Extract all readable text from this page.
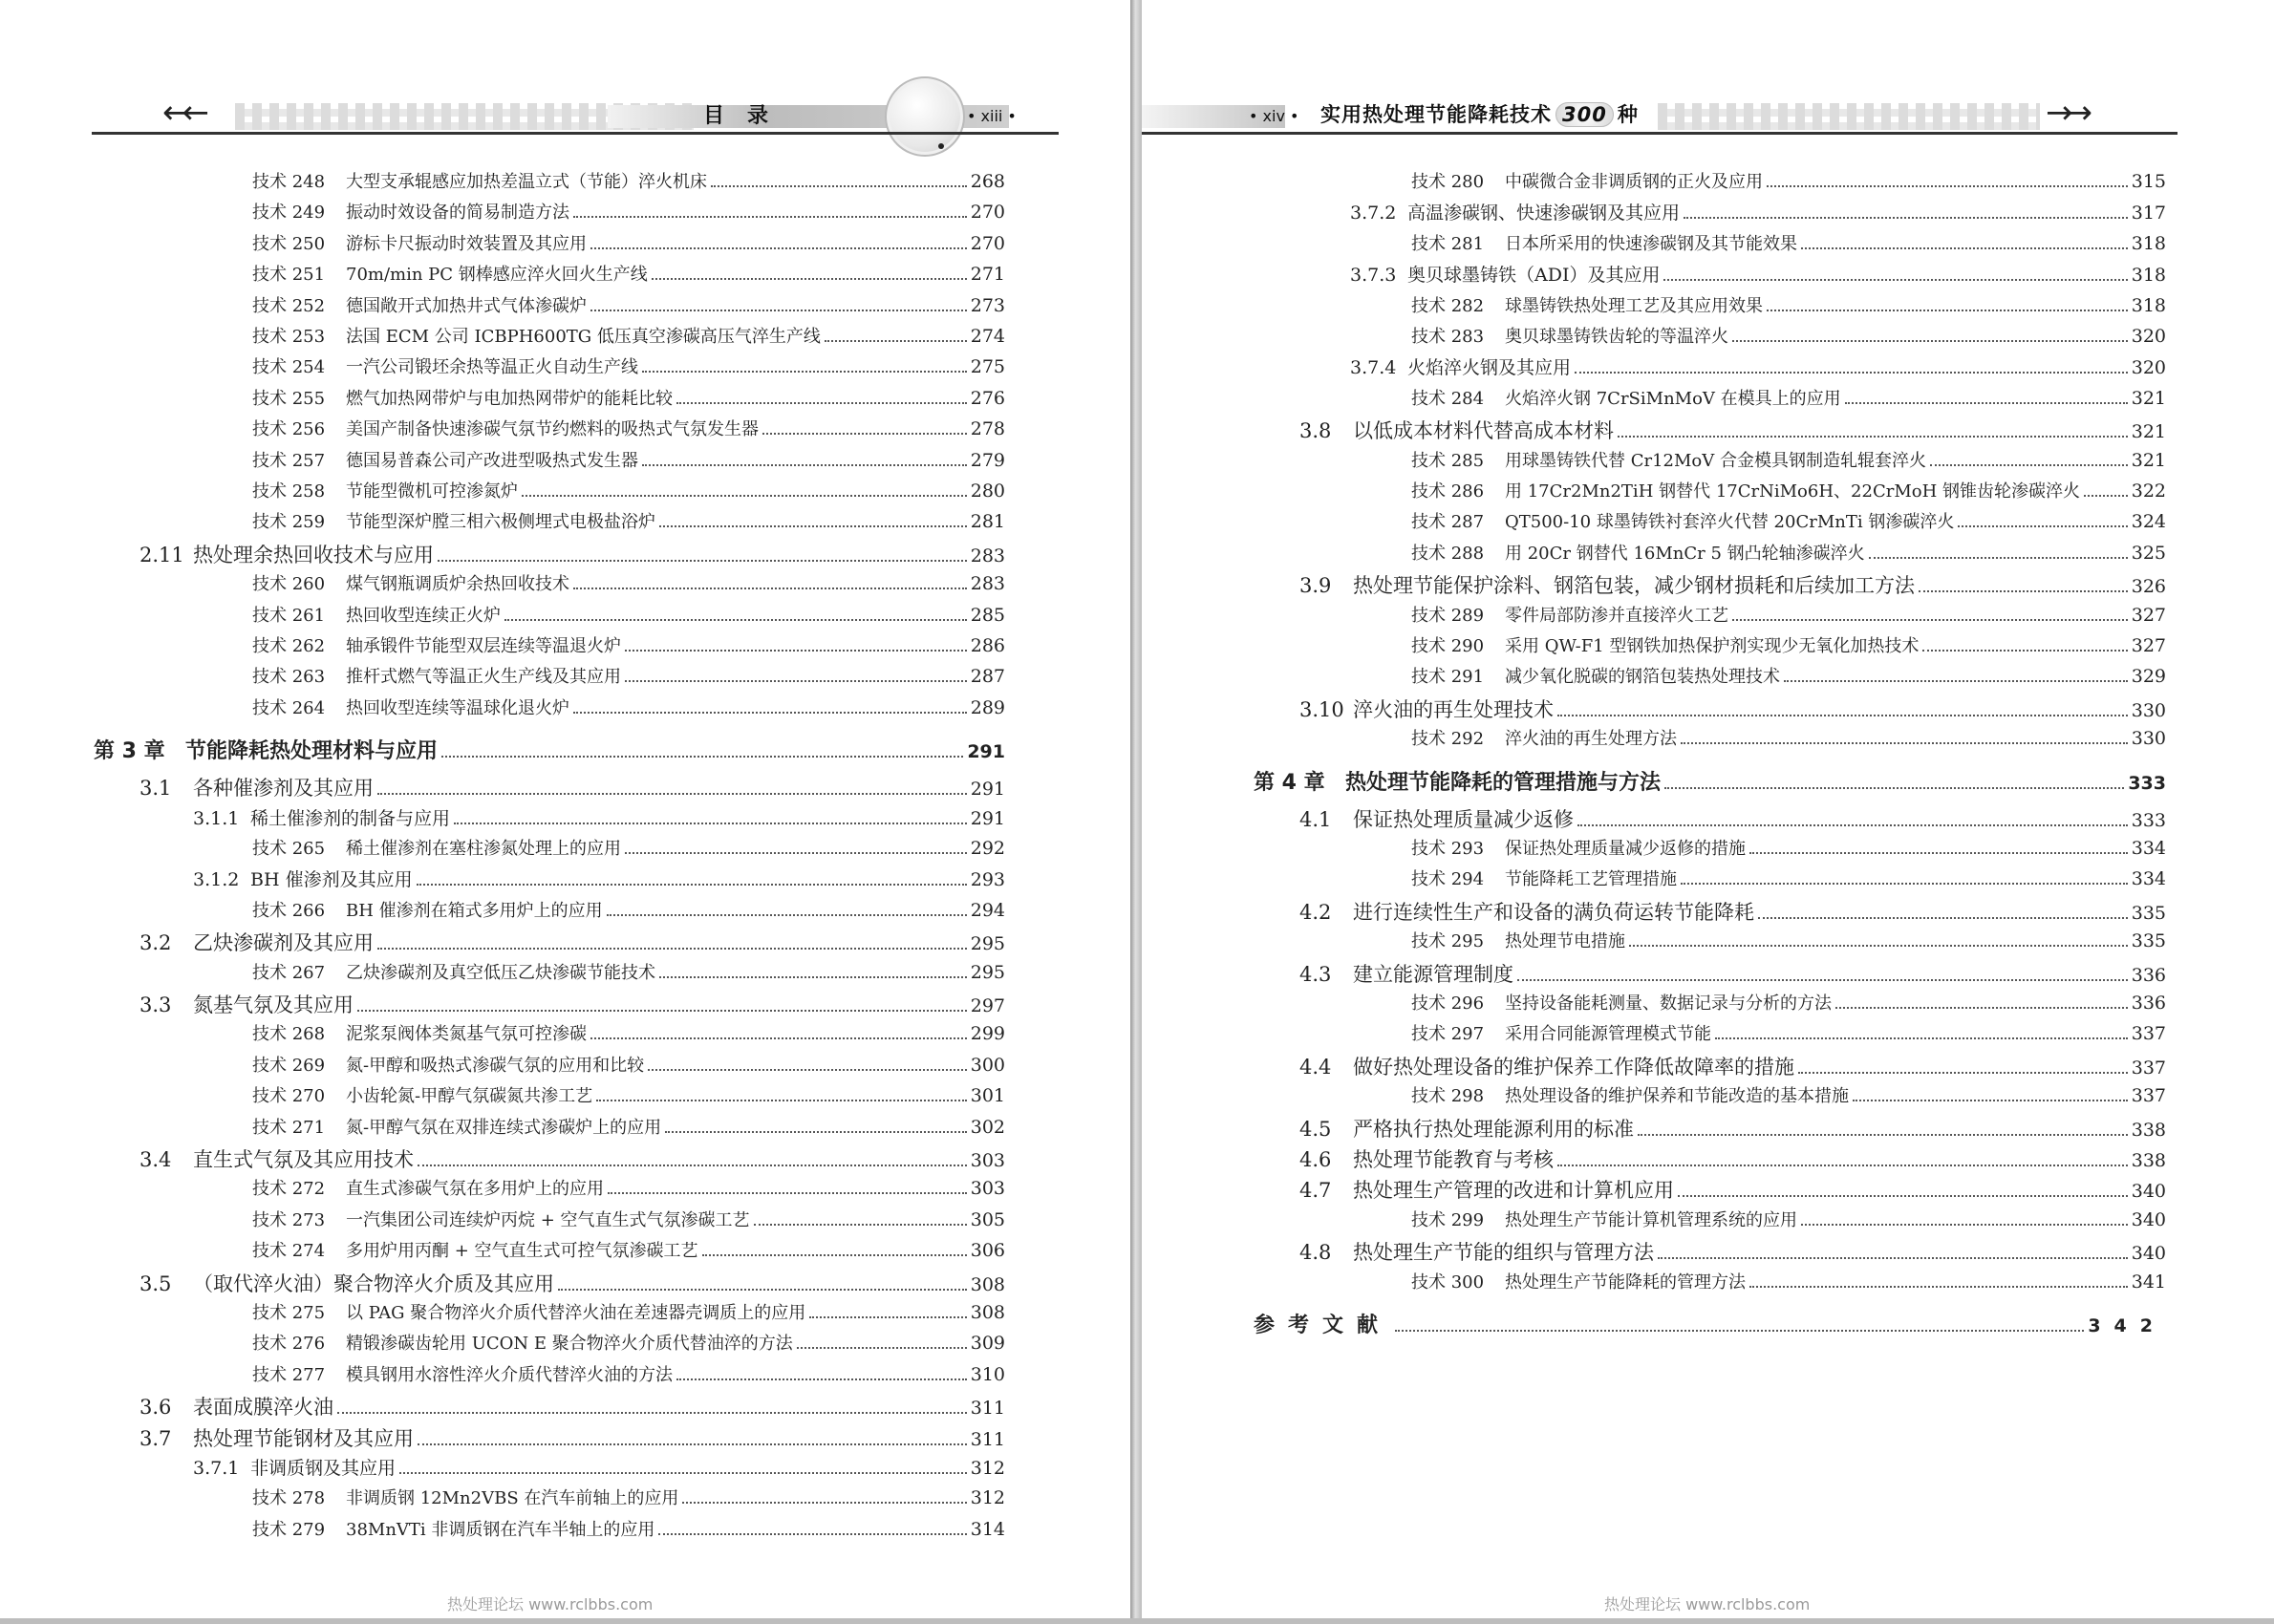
←←	目　录	• xiii •
技术 248	大型支承辊感应加热差温立式（节能）淬火机床	268
技术 249	振动时效设备的简易制造方法	270
技术 250	游标卡尺振动时效装置及其应用	270
技术 251	70m/min PC 钢棒感应淬火回火生产线	271
技术 252	德国敞开式加热井式气体渗碳炉	273
技术 253	法国 ECM 公司 ICBPH600TG 低压真空渗碳高压气淬生产线	274
技术 254	一汽公司锻坯余热等温正火自动生产线	275
技术 255	燃气加热网带炉与电加热网带炉的能耗比较	276
技术 256	美国产制备快速渗碳气氛节约燃料的吸热式气氛发生器	278
技术 257	德国易普森公司产改进型吸热式发生器	279
技术 258	节能型微机可控渗氮炉	280
技术 259	节能型深炉膛三相六极侧埋式电极盐浴炉	281
2.11 热处理余热回收技术与应用	283
技术 260	煤气钢瓶调质炉余热回收技术	283
技术 261	热回收型连续正火炉	285
技术 262	轴承锻件节能型双层连续等温退火炉	286
技术 263	推杆式燃气等温正火生产线及其应用	287
技术 264	热回收型连续等温球化退火炉	289
第 3 章 节能降耗热处理材料与应用	291
3.1	各种催渗剂及其应用	291
3.1.1 稀土催渗剂的制备与应用	291
技术 265	稀土催渗剂在塞柱渗氮处理上的应用	292
3.1.2 BH 催渗剂及其应用	293
技术 266	BH 催渗剂在箱式多用炉上的应用	294
3.2	乙炔渗碳剂及其应用	295
技术 267	乙炔渗碳剂及真空低压乙炔渗碳节能技术	295
3.3	氮基气氛及其应用	297
技术 268	泥浆泵阀体类氮基气氛可控渗碳	299
技术 269	氮-甲醇和吸热式渗碳气氛的应用和比较	300
技术 270	小齿轮氮-甲醇气氛碳氮共渗工艺	301
技术 271	氮-甲醇气氛在双排连续式渗碳炉上的应用	302
3.4	直生式气氛及其应用技术	303
技术 272	直生式渗碳气氛在多用炉上的应用	303
技术 273	一汽集团公司连续炉丙烷 + 空气直生式气氛渗碳工艺	305
技术 274	多用炉用丙酮 + 空气直生式可控气氛渗碳工艺	306
3.5	（取代淬火油）聚合物淬火介质及其应用	308
技术 275	以 PAG 聚合物淬火介质代替淬火油在差速器壳调质上的应用	308
技术 276	精锻渗碳齿轮用 UCON E 聚合物淬火介质代替油淬的方法	309
技术 277	模具钢用水溶性淬火介质代替淬火油的方法	310
3.6	表面成膜淬火油	311
3.7	热处理节能钢材及其应用	311
3.7.1 非调质钢及其应用	312
技术 278	非调质钢 12Mn2VBS 在汽车前轴上的应用	312
技术 279	38MnVTi 非调质钢在汽车半轴上的应用	314
热处理论坛 www.rclbbs.com
• xiv • 实用热处理节能降耗技术 300 种	→→
技术 280	中碳微合金非调质钢的正火及应用	315
3.7.2 高温渗碳钢、快速渗碳钢及其应用	317
技术 281	日本所采用的快速渗碳钢及其节能效果	318
3.7.3 奥贝球墨铸铁（ADI）及其应用	318
技术 282	球墨铸铁热处理工艺及其应用效果	318
技术 283	奥贝球墨铸铁齿轮的等温淬火	320
3.7.4 火焰淬火钢及其应用	320
技术 284	火焰淬火钢 7CrSiMnMoV 在模具上的应用	321
3.8	以低成本材料代替高成本材料	321
技术 285	用球墨铸铁代替 Cr12MoV 合金模具钢制造轧辊套淬火	321
技术 286	用 17Cr2Mn2TiH 钢替代 17CrNiMo6H、22CrMoH 钢锥齿轮渗碳淬火	322
技术 287	QT500-10 球墨铸铁衬套淬火代替 20CrMnTi 钢渗碳淬火	324
技术 288	用 20Cr 钢替代 16MnCr 5 钢凸轮轴渗碳淬火	325
3.9	热处理节能保护涂料、钢箔包装，减少钢材损耗和后续加工方法	326
技术 289	零件局部防渗并直接淬火工艺	327
技术 290	采用 QW-F1 型钢铁加热保护剂实现少无氧化加热技术	327
技术 291	减少氧化脱碳的钢箔包装热处理技术	329
3.10 淬火油的再生处理技术	330
技术 292	淬火油的再生处理方法	330
第 4 章 热处理节能降耗的管理措施与方法	333
4.1	保证热处理质量减少返修	333
技术 293	保证热处理质量减少返修的措施	334
技术 294	节能降耗工艺管理措施	334
4.2	进行连续性生产和设备的满负荷运转节能降耗	335
技术 295	热处理节电措施	335
4.3	建立能源管理制度	336
技术 296	坚持设备能耗测量、数据记录与分析的方法	336
技术 297	采用合同能源管理模式节能	337
4.4	做好热处理设备的维护保养工作降低故障率的措施	337
技术 298	热处理设备的维护保养和节能改造的基本措施	337
4.5	严格执行热处理能源利用的标准	338
4.6	热处理节能教育与考核	338
4.7	热处理生产管理的改进和计算机应用	340
技术 299	热处理生产节能计算机管理系统的应用	340
4.8	热处理生产节能的组织与管理方法	340
技术 300	热处理生产节能降耗的管理方法	341
参考文献	342
热处理论坛 www.rclbbs.com
